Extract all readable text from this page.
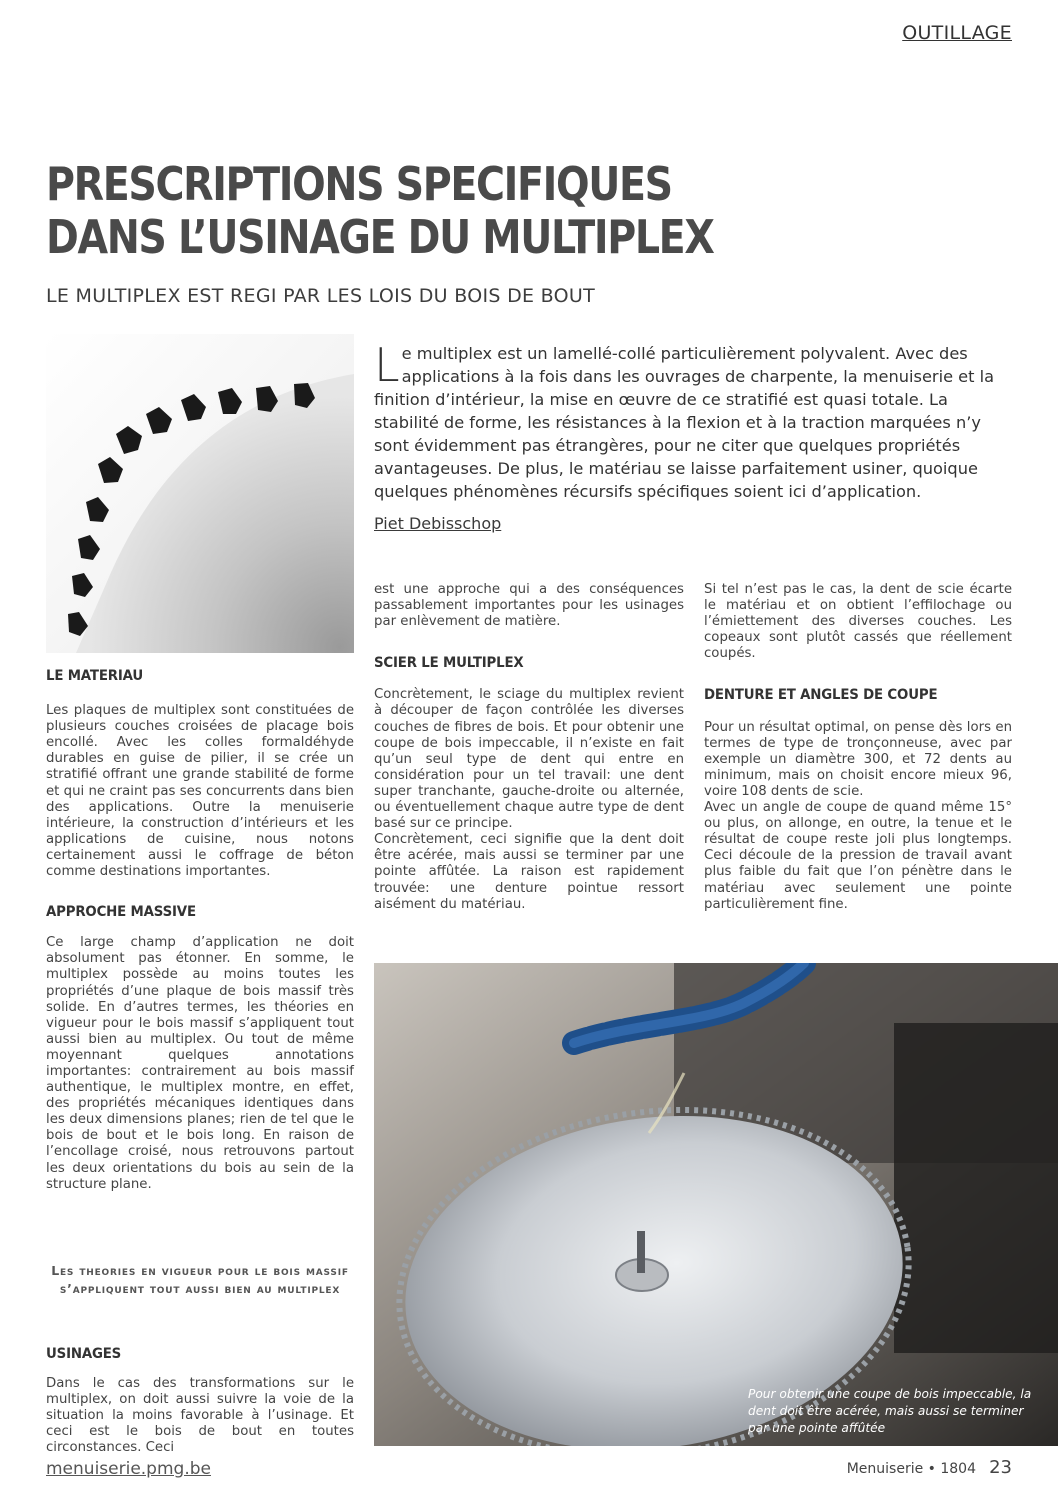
OUTILLAGE
PRESCRIPTIONS SPECIFIQUES
DANS L’USINAGE DU MULTIPLEX
LE MULTIPLEX EST REGI PAR LES LOIS DU BOIS DE BOUT
Le multiplex est un lamellé-collé particulièrement polyvalent. Avec des applications à la fois dans les ouvrages de charpente, la menuiserie et la finition d’intérieur, la mise en œuvre de ce stratifié est quasi totale. La stabilité de forme, les résistances à la flexion et à la traction marquées n’y sont évidemment pas étrangères, pour ne citer que quelques propriétés avantageuses. De plus, le matériau se laisse parfaitement usiner, quoique quelques phénomènes récursifs spécifiques soient ici d’application.
Piet Debisschop
LE MATERIAU

Les plaques de multiplex sont constituées de plusieurs couches croisées de placage bois encollé. Avec les colles formaldéhyde durables en guise de pilier, il se crée un stratifié offrant une grande stabilité de forme et qui ne craint pas ses concurrents dans bien des applications. Outre la menuiserie intérieure, la construction d’intérieurs et les applications de cuisine, nous notons certainement aussi le coffrage de béton comme destinations importantes.

APPROCHE MASSIVE

Ce large champ d’application ne doit absolument pas étonner. En somme, le multiplex possède au moins toutes les propriétés d’une plaque de bois massif très solide. En d’autres termes, les théories en vigueur pour le bois massif s’appliquent tout aussi bien au multiplex. Ou tout de même moyennant quelques annotations importantes: contrairement au bois massif authentique, le multiplex montre, en effet, des propriétés mécaniques identiques dans les deux dimensions planes; rien de tel que le bois de bout et le bois long. En raison de l’encollage croisé, nous retrouvons partout les deux orientations du bois au sein de la structure plane.

Les theories en vigueur pour le bois massif s’appliquent tout aussi bien au multiplex
USINAGES

Dans le cas des transformations sur le multiplex, on doit aussi suivre la voie de la situation la moins favorable à l’usinage. Et ceci est le bois de bout en toutes circonstances. Ceci

est une approche qui a des conséquences passablement importantes pour les usinages par enlèvement de matière.

SCIER LE MULTIPLEX

Concrètement, le sciage du multiplex revient à découper de façon contrôlée les diverses couches de fibres de bois. Et pour obtenir une coupe de bois impeccable, il n’existe en fait qu’un seul type de dent qui entre en considération pour un tel travail: une dent super tranchante, gauche-droite ou alternée, ou éventuellement chaque autre type de dent basé sur ce principe.

Concrètement, ceci signifie que la dent doit être acérée, mais aussi se terminer par une pointe affûtée. La raison est rapidement trouvée: une denture pointue ressort aisément du matériau.

Si tel n’est pas le cas, la dent de scie écarte le matériau et on obtient l’effilochage ou l’émiettement des diverses couches. Les copeaux sont plutôt cassés que réellement coupés.

DENTURE ET ANGLES DE COUPE

Pour un résultat optimal, on pense dès lors en termes de type de tronçonneuse, avec par exemple un diamètre 300, et 72 dents au minimum, mais on choisit encore mieux 96, voire 108 dents de scie.

Avec un angle de coupe de quand même 15° ou plus, on allonge, en outre, la tenue et le résultat de coupe reste joli plus longtemps. Ceci découle de la pression de travail avant plus faible du fait que l’on pénètre dans le matériau avec seulement une pointe particulièrement fine.

Pour obtenir une coupe de bois impeccable, la dent doit être acérée, mais aussi se terminer par une pointe affûtée
menuiserie.pmg.be	Menuiserie • 1804 23
